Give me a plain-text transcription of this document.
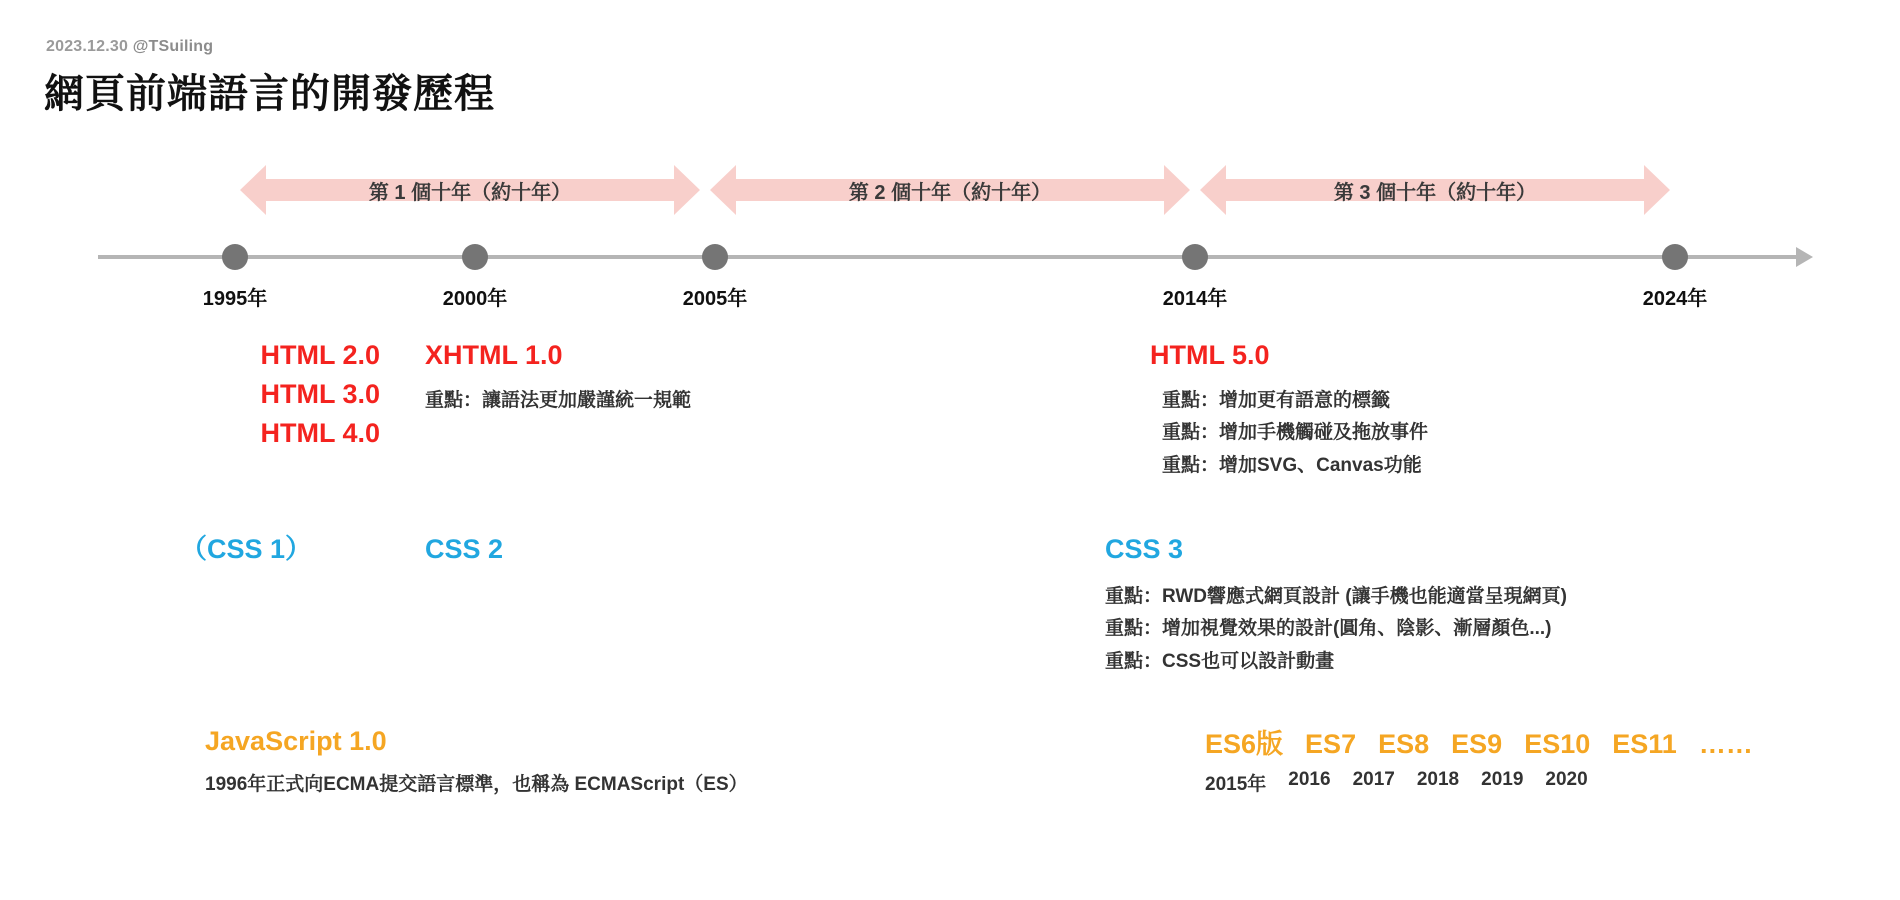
2023.12.30 @TSuiling
網頁前端語言的開發歷程
第 1 個十年（約十年）	第 2 個十年（約十年）	第 3 個十年（約十年）
1995年	2000年	2005年	2014年	2024年
HTML 2.0
HTML 3.0
HTML 4.0
XHTML 1.0
重點：讓語法更加嚴謹統一規範
HTML 5.0
重點：增加更有語意的標籤
重點：增加手機觸碰及拖放事件
重點：增加SVG、Canvas功能
（CSS 1）	CSS 2	CSS 3
重點：RWD響應式網頁設計 (讓手機也能適當呈現網頁)
重點：增加視覺效果的設計(圓角、陰影、漸層顏色...)
重點：CSS也可以設計動畫
JavaScript 1.0
1996年正式向ECMA提交語言標準，也稱為 ECMAScript（ES）
ES6版 ES7 ES8 ES9 ES10 ES11 ……
2015年 2016 2017 2018 2019 2020
